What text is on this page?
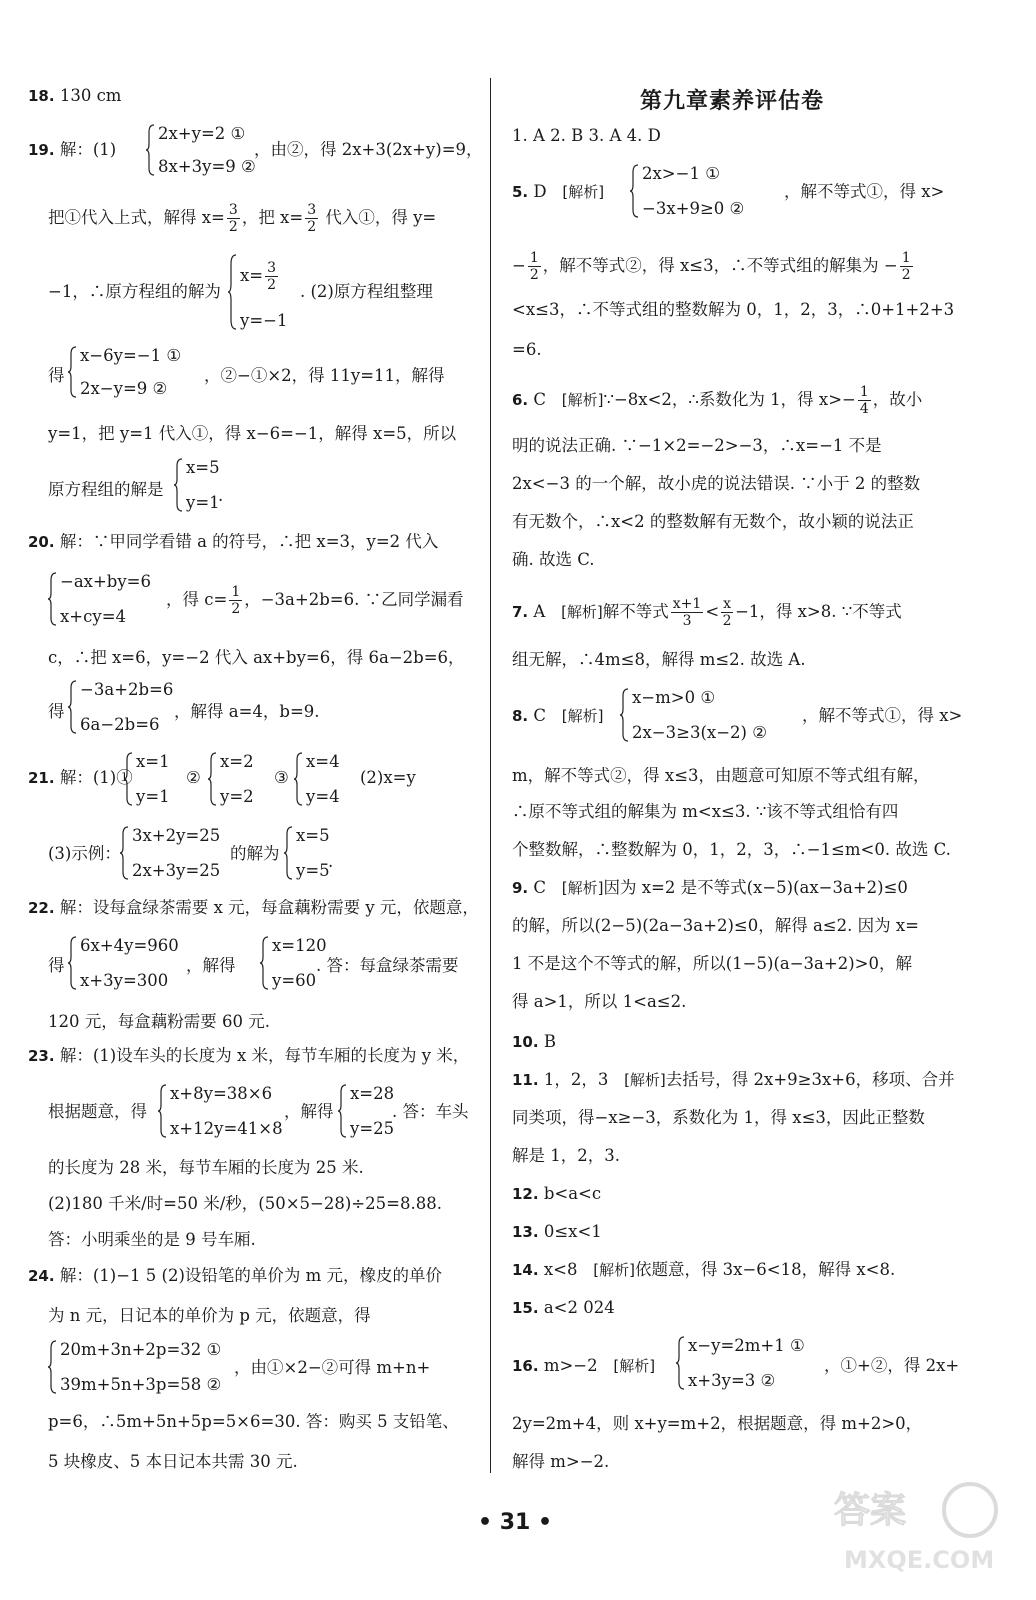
18. 130 cm
19. 解：(1)
2x+y=2 ①
8x+3y=9 ②
，由②，得 2x+3(2x+y)=9，
把①代入上式，解得 $x= \frac{3}{2}$ ，把 $x= \frac{3}{2}$ 代入①，得 y=
−1，∴原方程组的解为
$x= \frac{3}{2}$
y=−1
. (2)原方程组整理
得
x−6y=−1 ①
2x−y=9 ②
，②−①×2，得 11y=11，解得
y=1，把 y=1 代入①，得 x−6=−1，解得 x=5，所以
原方程组的解是
x=5
y=1
.
20. 解：∵甲同学看错 a 的符号，∴把 x=3，y=2 代入
−ax+by=6
x+cy=4
，得 $c= \frac{1}{2}$ ，−3a+2b=6. ∵乙同学漏看
c，∴把 x=6，y=−2 代入 ax+by=6，得 6a−2b=6，
得
−3a+2b=6
6a−2b=6
，解得 a=4，b=9.
21. 解：(1)①
x=1
y=1
②
x=2
y=2
③
x=4
y=4
(2)x=y
(3)示例：
3x+2y=25
2x+3y=25
的解为
x=5
y=5
.
22. 解：设每盒绿茶需要 x 元，每盒藕粉需要 y 元，依题意，
得
6x+4y=960
x+3y=300
，解得
x=120
y=60
. 答：每盒绿茶需要
120 元，每盒藕粉需要 60 元.
23. 解：(1)设车头的长度为 x 米，每节车厢的长度为 y 米，
根据题意，得
x+8y=38×6
x+12y=41×8
，解得
x=28
y=25
. 答：车头
的长度为 28 米，每节车厢的长度为 25 米.
(2)180 千米/时=50 米/秒，(50×5−28)÷25=8.88.
答：小明乘坐的是 9 号车厢.
24. 解：(1)−1 5 (2)设铅笔的单价为 m 元，橡皮的单价
为 n 元，日记本的单价为 p 元，依题意，得
20m+3n+2p=32 ①
39m+5n+3p=58 ②
，由①×2−②可得 m+n+
p=6，∴5m+5n+5p=5×6=30. 答：购买 5 支铅笔、
5 块橡皮、5 本日记本共需 30 元.
第九章素养评估卷
1. A 2. B 3. A 4. D
5. D [解析]
2x>−1 ①
−3x+9≥0 ②
，解不等式①，得 x>
− $\frac{1}{2}$ ，解不等式②，得 x≤3，∴不等式组的解集为 − $\frac{1}{2}$
<x≤3，∴不等式组的整数解为 0，1，2，3，∴0+1+2+3
=6.
6. C [解析]∵−8x<2，∴系数化为 1，得 $x>- \frac{1}{4}$ ，故小
明的说法正确. ∵−1×2=−2>−3，∴x=−1 不是
2x<−3 的一个解，故小虎的说法错误. ∵小于 2 的整数
有无数个，∴x<2 的整数解有无数个，故小颖的说法正
确. 故选 C.
7. A [解析]解不等式 $\frac{x+1}{3} < \frac{x}{2} -1$，得 x>8. ∵不等式
组无解，∴4m≤8，解得 m≤2. 故选 A.
8. C [解析]
x−m>0 ①
2x−3≥3(x−2) ②
，解不等式①，得 x>
m，解不等式②，得 x≤3，由题意可知原不等式组有解，
∴原不等式组的解集为 m<x≤3. ∵该不等式组恰有四
个整数解，∴整数解为 0，1，2，3，∴−1≤m<0. 故选 C.
9. C [解析]因为 x=2 是不等式(x−5)(ax−3a+2)≤0
的解，所以(2−5)(2a−3a+2)≤0，解得 a≤2. 因为 x=
1 不是这个不等式的解，所以(1−5)(a−3a+2)>0，解
得 a>1，所以 1<a≤2.
10. B
11. 1，2，3 [解析]去括号，得 2x+9≥3x+6，移项、合并
同类项，得−x≥−3，系数化为 1，得 x≤3，因此正整数
解是 1，2，3.
12. b<a<c
13. 0≤x<1
14. x<8 [解析]依题意，得 3x−6<18，解得 x<8.
15. a<2 024
16. m>−2 [解析]
x−y=2m+1 ①
x+3y=3 ②
，①+②，得 2x+
2y=2m+4，则 x+y=m+2，根据题意，得 m+2>0，
解得 m>−2.
• 31 •	答案
MXQE.COM
